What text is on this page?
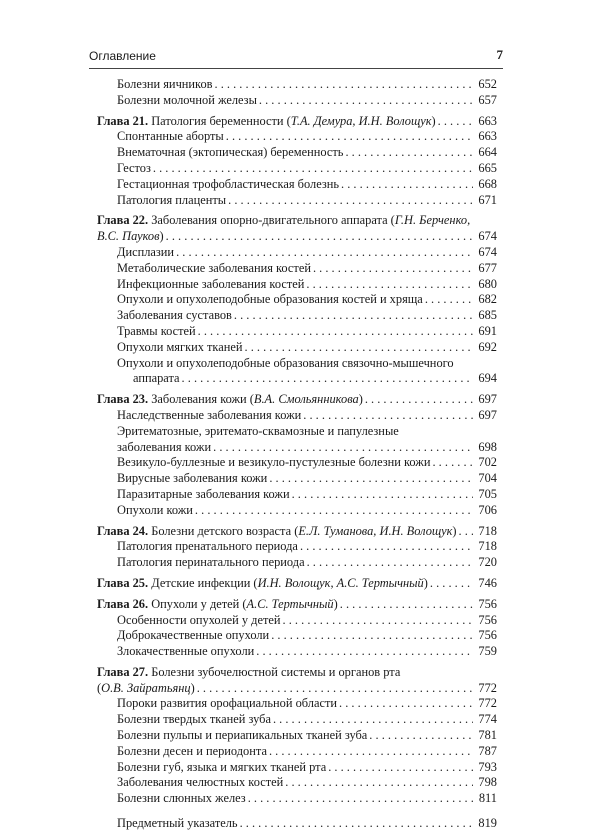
Оглавление	7
Болезни яичников . . .	652
Болезни молочной железы . . .	657
Глава 21. Патология беременности (Т.А. Демура, И.Н. Волощук) . . .	663
Спонтанные аборты . . .	663
Внематочная (эктопическая) беременность . . .	664
Гестоз . . .	665
Гестационная трофобластическая болезнь . . .	668
Патология плаценты . . .	671
Глава 22. Заболевания опорно-двигательного аппарата (Г.Н. Берченко,
В.С. Пауков) . . .	674
Дисплазии . . .	674
Метаболические заболевания костей . . .	677
Инфекционные заболевания костей . . .	680
Опухоли и опухолеподобные образования костей и хряща . . .	682
Заболевания суставов . . .	685
Травмы костей . . .	691
Опухоли мягких тканей . . .	692
Опухоли и опухолеподобные образования связочно-мышечного
аппарата . . .	694
Глава 23. Заболевания кожи (В.А. Смольянникова) . . .	697
Наследственные заболевания кожи . . .	697
Эритематозные, эритемато-сквамозные и папулезные
заболевания кожи . . .	698
Везикуло-буллезные и везикуло-пустулезные болезни кожи . . .	702
Вирусные заболевания кожи . . .	704
Паразитарные заболевания кожи . . .	705
Опухоли кожи . . .	706
Глава 24. Болезни детского возраста (Е.Л. Туманова, И.Н. Волощук) . . . 718
Патология пренатального периода . . .	718
Патология перинатального периода . . .	720
Глава 25. Детские инфекции (И.Н. Волощук, А.С. Тертычный) . . .	746
Глава 26. Опухоли у детей (А.С. Тертычный) . . .	756
Особенности опухолей у детей . . .	756
Доброкачественные опухоли . . .	756
Злокачественные опухоли . . .	759
Глава 27. Болезни зубочелюстной системы и органов рта
(О.В. Зайратьянц) . . .	772
Пороки развития орофациальной области . . .	772
Болезни твердых тканей зуба . . .	774
Болезни пульпы и периапикальных тканей зуба . . .	781
Болезни десен и периодонта . . .	787
Болезни губ, языка и мягких тканей рта . . .	793
Заболевания челюстных костей . . .	798
Болезни слюнных желез . . .	811
Предметный указатель . . .	819
